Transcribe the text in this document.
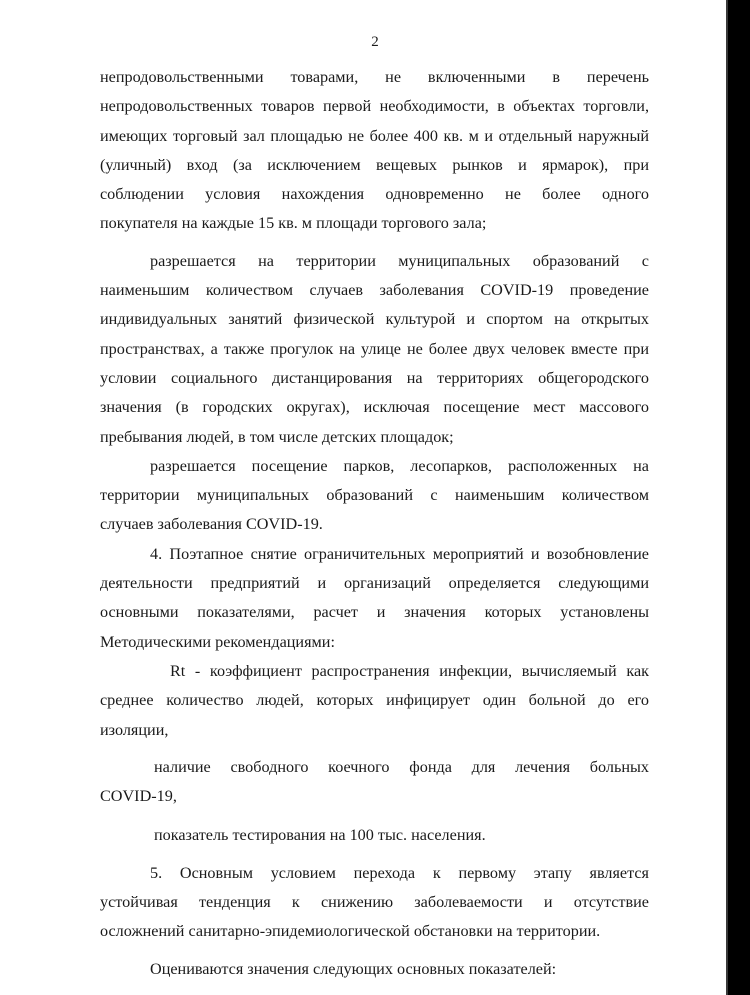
2
непродовольственными товарами, не включенными в перечень
непродовольственных товаров первой необходимости, в объектах торговли,
имеющих торговый зал площадью не более 400 кв. м и отдельный наружный
(уличный) вход (за исключением вещевых рынков и ярмарок), при
соблюдении условия нахождения одновременно не более одного
покупателя на каждые 15 кв. м площади торгового зала;
разрешается на территории муниципальных образований с
наименьшим количеством случаев заболевания COVID-19 проведение
индивидуальных занятий физической культурой и спортом на открытых
пространствах, а также прогулок на улице не более двух человек вместе при
условии социального дистанцирования на территориях общегородского
значения (в городских округах), исключая посещение мест массового
пребывания людей, в том числе детских площадок;
разрешается посещение парков, лесопарков, расположенных на
территории муниципальных образований с наименьшим количеством
случаев заболевания COVID-19.
4. Поэтапное снятие ограничительных мероприятий и возобновление
деятельности предприятий и организаций определяется следующими
основными показателями, расчет и значения которых установлены
Методическими рекомендациями:
Rt - коэффициент распространения инфекции, вычисляемый как
среднее количество людей, которых инфицирует один больной до его
изоляции,
наличие свободного коечного фонда для лечения больных
COVID-19,
показатель тестирования на 100 тыс. населения.
5. Основным условием перехода к первому этапу является
устойчивая тенденция к снижению заболеваемости и отсутствие
осложнений санитарно-эпидемиологической обстановки на территории.
Оцениваются значения следующих основных показателей:
